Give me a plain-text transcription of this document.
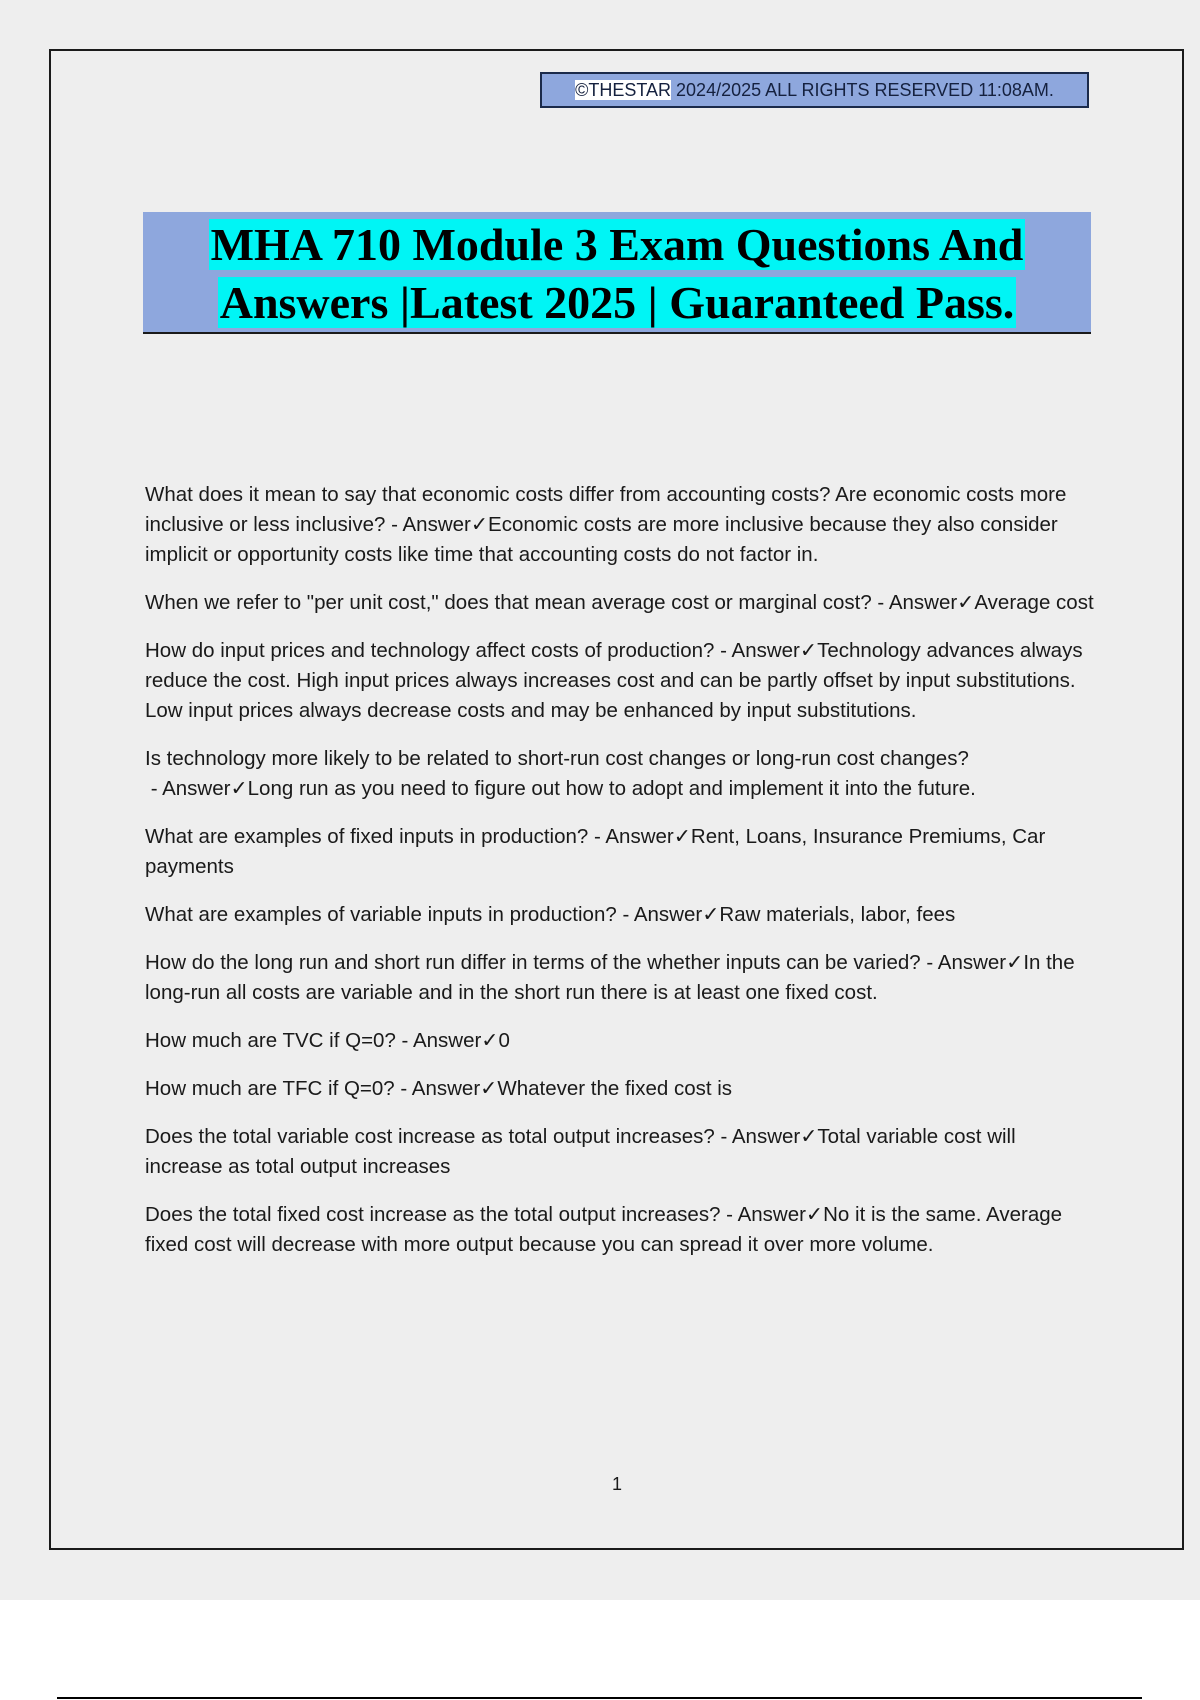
©THESTAR 2024/2025 ALL RIGHTS RESERVED 11:08AM.
MHA 710 Module 3 Exam Questions And
Answers |Latest 2025 | Guaranteed Pass.

What does it mean to say that economic costs differ from accounting costs? Are economic costs more inclusive or less inclusive? - Answer✓Economic costs are more inclusive because they also consider implicit or opportunity costs like time that accounting costs do not factor in.

When we refer to "per unit cost," does that mean average cost or marginal cost? - Answer✓Average cost

How do input prices and technology affect costs of production? - Answer✓Technology advances always reduce the cost. High input prices always increases cost and can be partly offset by input substitutions. Low input prices always decrease costs and may be enhanced by input substitutions.

Is technology more likely to be related to short-run cost changes or long-run cost changes? - Answer✓Long run as you need to figure out how to adopt and implement it into the future.

What are examples of fixed inputs in production? - Answer✓Rent, Loans, Insurance Premiums, Car payments

What are examples of variable inputs in production? - Answer✓Raw materials, labor, fees

How do the long run and short run differ in terms of the whether inputs can be varied? - Answer✓In the long-run all costs are variable and in the short run there is at least one fixed cost.

How much are TVC if Q=0? - Answer✓0

How much are TFC if Q=0? - Answer✓Whatever the fixed cost is

Does the total variable cost increase as total output increases? - Answer✓Total variable cost will increase as total output increases

Does the total fixed cost increase as the total output increases? - Answer✓No it is the same. Average fixed cost will decrease with more output because you can spread it over more volume.

1
